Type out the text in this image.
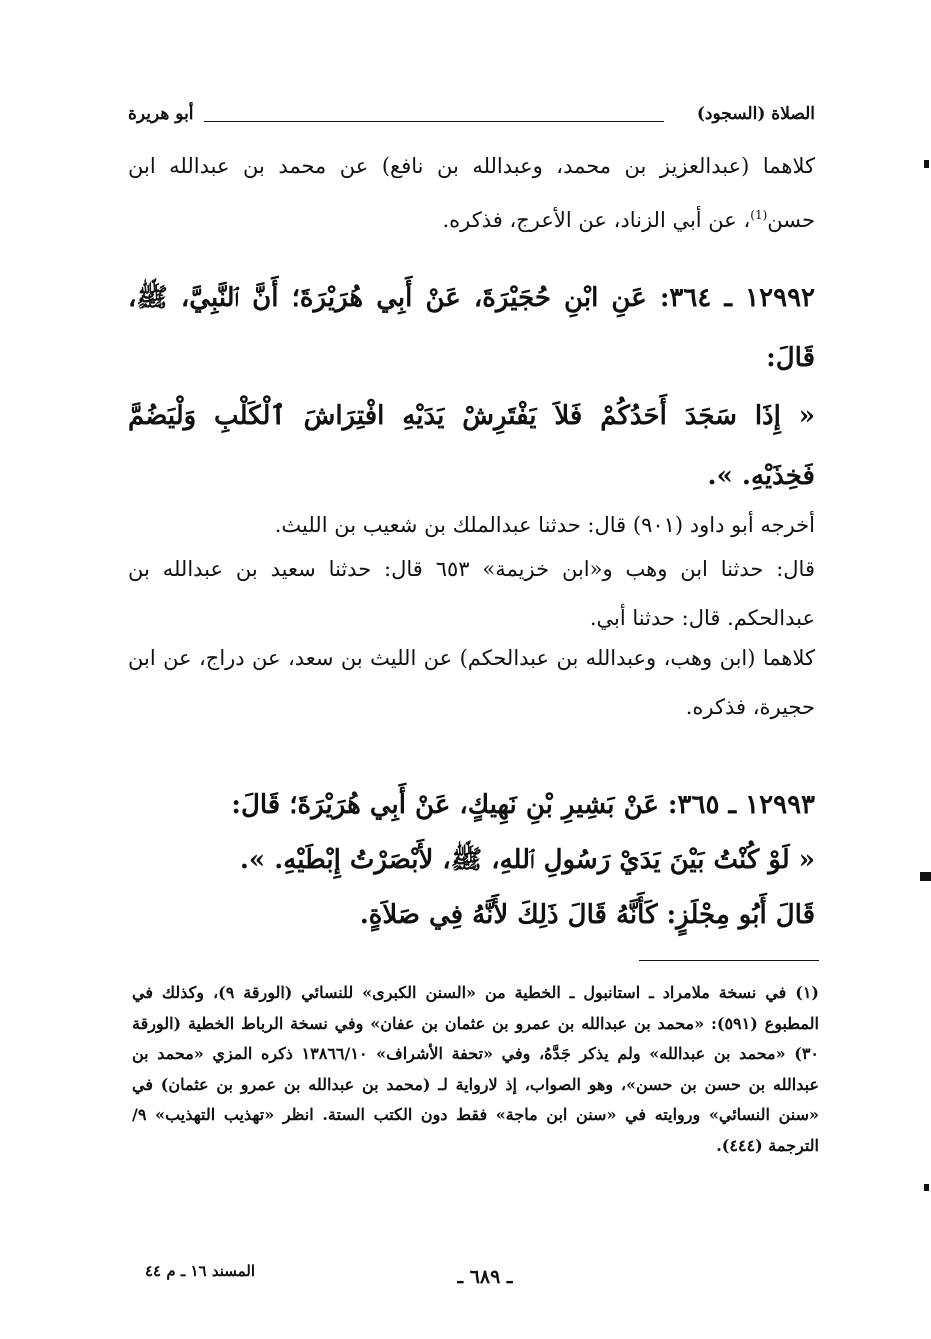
الصلاة (السجود)
أبو هريرة
كلاهما (عبدالعزيز بن محمد، وعبدالله بن نافع) عن محمد بن عبدالله ابن حسن$^{(1)}$، عن أبي الزناد، عن الأعرج، فذكره.
١٢٩٩٢ ـ ٣٦٤: عَنِ ابْنِ حُجَيْرَةَ، عَنْ أَبِي هُرَيْرَةَ؛ أَنَّ ٱلنَّبِيَّ، ﷺ، قَالَ:
« إِذَا سَجَدَ أَحَدُكُمْ فَلاَ يَفْتَرِشْ يَدَيْهِ افْتِرَاشَ ٱلْكَلْبِ وَلْيَضُمَّ فَخِذَيْهِ. ».
أخرجه أبو داود (٩٠١) قال: حدثنا عبدالملك بن شعيب بن الليث.
قال: حدثنا ابن وهب و«ابن خزيمة» ٦٥٣ قال: حدثنا سعيد بن عبدالله بن عبدالحكم. قال: حدثنا أبي.
كلاهما (ابن وهب، وعبدالله بن عبدالحكم) عن الليث بن سعد، عن دراج، عن ابن حجيرة، فذكره.
١٢٩٩٣ ـ ٣٦٥: عَنْ بَشِيرِ بْنِ نَهِيكٍ، عَنْ أَبِي هُرَيْرَةَ؛ قَالَ:
« لَوْ كُنْتُ بَيْنَ يَدَيْ رَسُولِ ٱللهِ، ﷺ، لأَبْصَرْتُ إِبْطَيْهِ. ».
قَالَ أَبُو مِجْلَزٍ: كَأَنَّهُ قَالَ ذَلِكَ لأَنَّهُ فِي صَلاَةٍ.
(١) في نسخة ملامراد ـ استانبول ـ الخطية من «السنن الكبرى» للنسائي (الورقة ٩)، وكذلك في المطبوع (٥٩١): «محمد بن عبدالله بن عمرو بن عثمان بن عفان» وفي نسخة الرباط الخطية (الورقة ٣٠) «محمد بن عبدالله» ولم يذكر جَدَّهُ، وفي «تحفة الأشراف» ١٣٨٦٦/١٠ ذكره المزي «محمد بن عبدالله بن حسن بن حسن»، وهو الصواب، إذ لارواية لـ (محمد بن عبدالله بن عمرو بن عثمان) في «سنن النسائي» وروايته في «سنن ابن ماجة» فقط دون الكتب الستة. انظر «تهذيب التهذيب» ٩/الترجمة (٤٤٤).
المسند ١٦ ـ م ٤٤	ـ ٦٨٩ ـ
